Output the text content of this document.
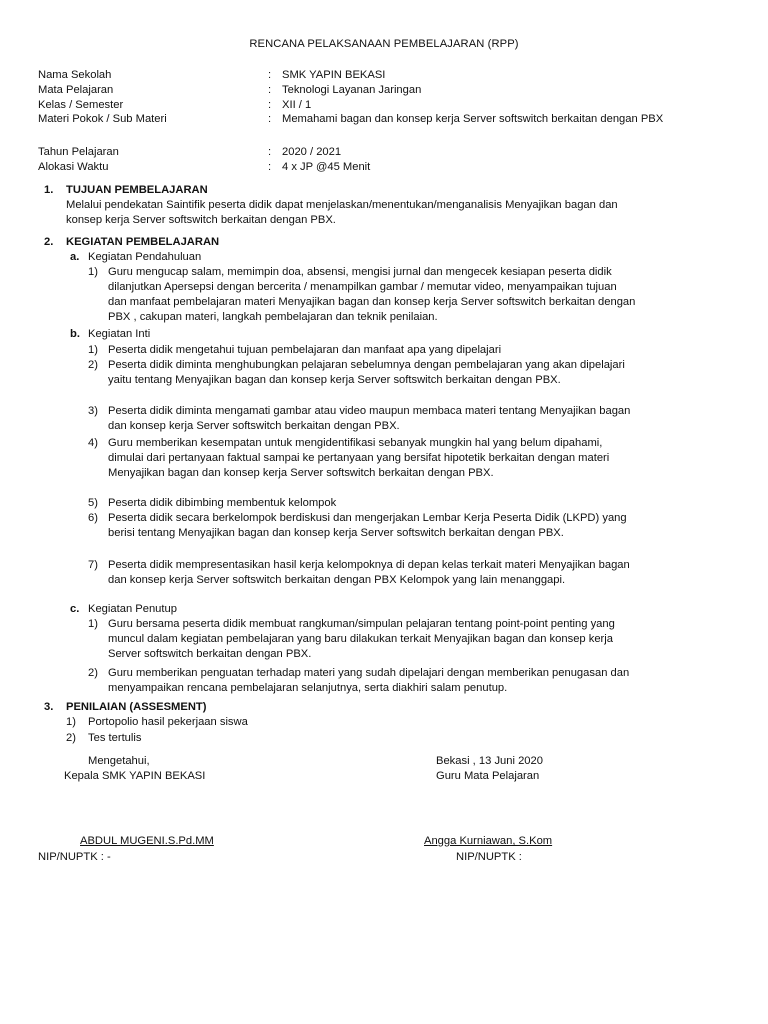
RENCANA PELAKSANAAN PEMBELAJARAN (RPP)
Nama Sekolah	: SMK YAPIN BEKASI
Mata Pelajaran	: Teknologi Layanan Jaringan
Kelas / Semester	: XII / 1
Materi Pokok / Sub Materi	: Memahami bagan dan konsep kerja Server softswitch berkaitan dengan PBX
Tahun Pelajaran	: 2020 / 2021
Alokasi Waktu	: 4 x JP @45 Menit
1. TUJUAN PEMBELAJARAN
Melalui pendekatan Saintifik peserta didik dapat menjelaskan/menentukan/menganalisis Menyajikan bagan dan
konsep kerja Server softswitch berkaitan dengan PBX.
2. KEGIATAN PEMBELAJARAN
a. Kegiatan Pendahuluan
1) Guru mengucap salam, memimpin doa, absensi, mengisi jurnal dan mengecek kesiapan peserta didik
dilanjutkan Apersepsi dengan bercerita / menampilkan gambar / memutar video, menyampaikan tujuan
dan manfaat pembelajaran materi Menyajikan bagan dan konsep kerja Server softswitch berkaitan dengan
PBX , cakupan materi, langkah pembelajaran dan teknik penilaian.
b. Kegiatan Inti
1) Peserta didik mengetahui tujuan pembelajaran dan manfaat apa yang dipelajari
2) Peserta didik diminta menghubungkan pelajaran sebelumnya dengan pembelajaran yang akan dipelajari
yaitu tentang Menyajikan bagan dan konsep kerja Server softswitch berkaitan dengan PBX.
3) Peserta didik diminta mengamati gambar atau video maupun membaca materi tentang Menyajikan bagan
dan konsep kerja Server softswitch berkaitan dengan PBX.
4) Guru memberikan kesempatan untuk mengidentifikasi sebanyak mungkin hal yang belum dipahami,
dimulai dari pertanyaan faktual sampai ke pertanyaan yang bersifat hipotetik berkaitan dengan materi
Menyajikan bagan dan konsep kerja Server softswitch berkaitan dengan PBX.
5) Peserta didik dibimbing membentuk kelompok
6) Peserta didik secara berkelompok berdiskusi dan mengerjakan Lembar Kerja Peserta Didik (LKPD) yang
berisi tentang Menyajikan bagan dan konsep kerja Server softswitch berkaitan dengan PBX.
7) Peserta didik mempresentasikan hasil kerja kelompoknya di depan kelas terkait materi Menyajikan bagan
dan konsep kerja Server softswitch berkaitan dengan PBX Kelompok yang lain menanggapi.
c. Kegiatan Penutup
1) Guru bersama peserta didik membuat rangkuman/simpulan pelajaran tentang point-point penting yang
muncul dalam kegiatan pembelajaran yang baru dilakukan terkait Menyajikan bagan dan konsep kerja
Server softswitch berkaitan dengan PBX.
2) Guru memberikan penguatan terhadap materi yang sudah dipelajari dengan memberikan penugasan dan
menyampaikan rencana pembelajaran selanjutnya, serta diakhiri salam penutup.
3. PENILAIAN (ASSESMENT)
1) Portopolio hasil pekerjaan siswa
2) Tes tertulis
Mengetahui,
Kepala SMK YAPIN BEKASI
ABDUL MUGENI.S.Pd.MM
NIP/NUPTK : -
Bekasi , 13 Juni 2020
Guru Mata Pelajaran
Angga Kurniawan, S.Kom
NIP/NUPTK :
